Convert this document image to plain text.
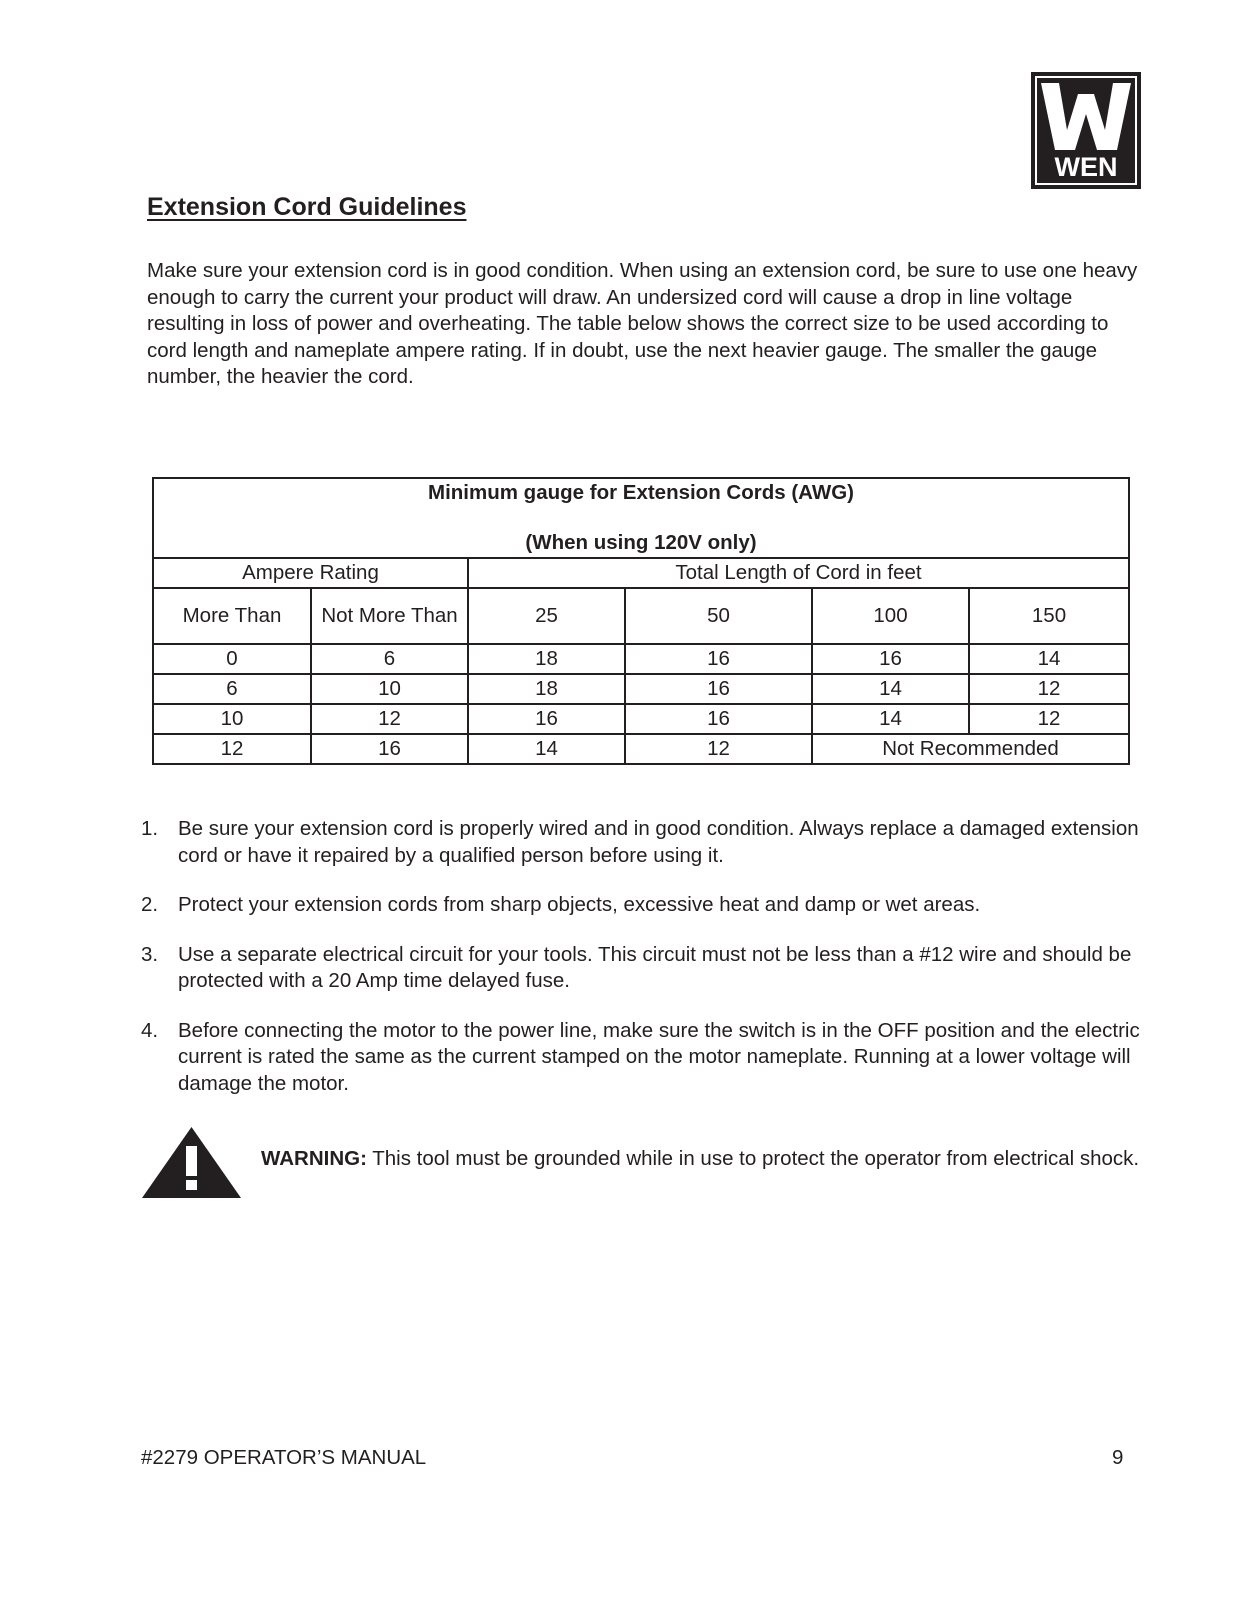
WEN
Extension Cord Guidelines

Make sure your extension cord is in good condition. When using an extension cord, be sure to use one heavy enough to carry the current your product will draw. An undersized cord will cause a drop in line voltage resulting in loss of power and overheating. The table below shows the correct size to be used according to cord length and nameplate ampere rating. If in doubt, use the next heavier gauge. The smaller the gauge number, the heavier the cord.

Minimum gauge for Extension Cords (AWG)
(When using 120V only)					

Ampere Rating		Total Length of Cord in feet			
More Than	Not More Than	25	50	100	150
0	6	18	16	16	14
6	10	18	16	14	12
10	12	16	16	14	12
12	16	14	12	Not Recommended	
1. Be sure your extension cord is properly wired and in good condition. Always replace a damaged extension cord or have it repaired by a qualified person before using it.
2. Protect your extension cords from sharp objects, excessive heat and damp or wet areas.
3. Use a separate electrical circuit for your tools. This circuit must not be less than a #12 wire and should be protected with a 20 Amp time delayed fuse.
4. Before connecting the motor to the power line, make sure the switch is in the OFF position and the electric current is rated the same as the current stamped on the motor nameplate. Running at a lower voltage will damage the motor.

WARNING: This tool must be grounded while in use to protect the operator from electrical shock.

#2279 OPERATOR’S MANUAL	9
